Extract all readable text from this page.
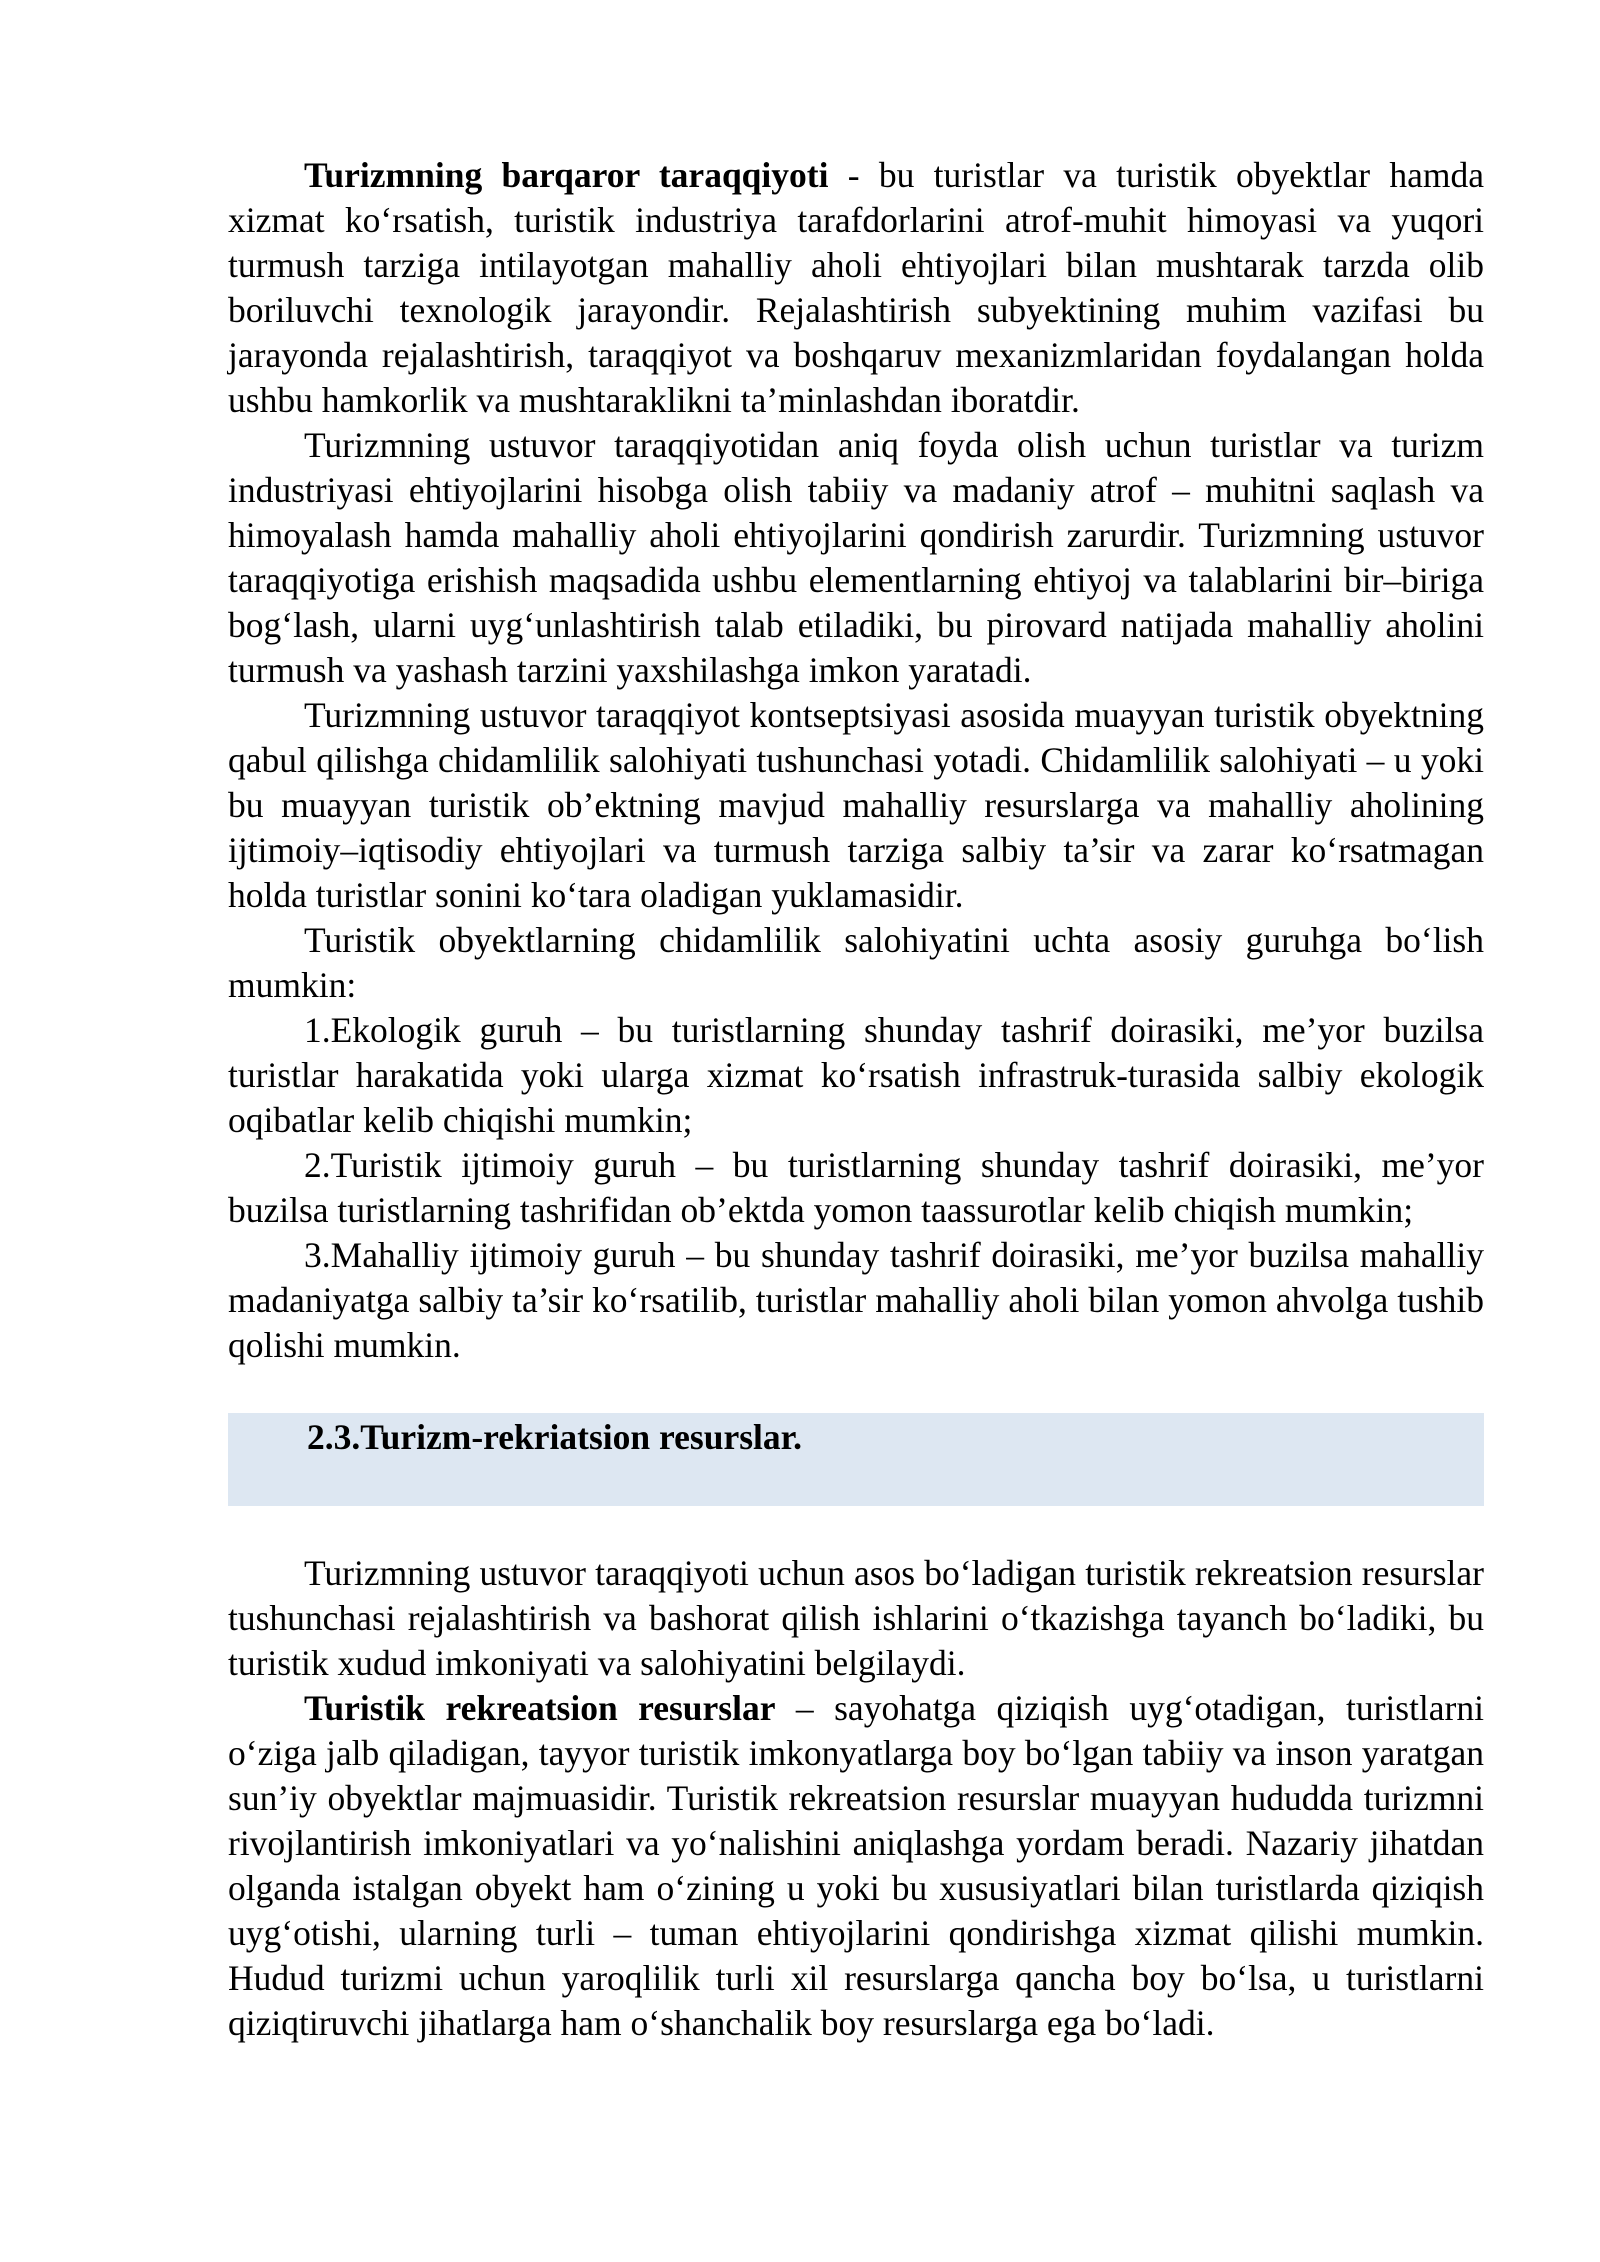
Turizmning barqaror taraqqiyoti - bu turistlar va turistik obyektlar hamda xizmat ko‘rsatish, turistik industriya tarafdorlarini atrof-muhit himoyasi va yuqori turmush tarziga intilayotgan mahalliy aholi ehtiyojlari bilan mushtarak tarzda olib boriluvchi texnologik jarayondir. Rejalashtirish subyektining muhim vazifasi bu jarayonda rejalashtirish, taraqqiyot va boshqaruv mexanizmlaridan foydalangan holda ushbu hamkorlik va mushtaraklikni ta’minlashdan iboratdir.

Turizmning ustuvor taraqqiyotidan aniq foyda olish uchun turistlar va turizm industriyasi ehtiyojlarini hisobga olish tabiiy va madaniy atrof – muhitni saqlash va himoyalash hamda mahalliy aholi ehtiyojlarini qondirish zarurdir. Turizmning ustuvor taraqqiyotiga erishish maqsadida ushbu elementlarning ehtiyoj va talablarini bir–biriga bog‘lash, ularni uyg‘unlashtirish talab etiladiki, bu pirovard natijada mahalliy aholini turmush va yashash tarzini yaxshilashga imkon yaratadi.

Turizmning ustuvor taraqqiyot kontseptsiyasi asosida muayyan turistik obyektning qabul qilishga chidamlilik salohiyati tushunchasi yotadi. Chidamlilik salohiyati – u yoki bu muayyan turistik ob’ektning mavjud mahalliy resurslarga va mahalliy aholining ijtimoiy–iqtisodiy ehtiyojlari va turmush tarziga salbiy ta’sir va zarar ko‘rsatmagan holda turistlar sonini ko‘tara oladigan yuklamasidir.

Turistik obyektlarning chidamlilik salohiyatini uchta asosiy guruhga bo‘lish mumkin:

1.Ekologik guruh – bu turistlarning shunday tashrif doirasiki, me’yor buzilsa turistlar harakatida yoki ularga xizmat ko‘rsatish infrastruk-turasida salbiy ekologik oqibatlar kelib chiqishi mumkin;

2.Turistik ijtimoiy guruh – bu turistlarning shunday tashrif doirasiki, me’yor buzilsa turistlarning tashrifidan ob’ektda yomon taassurotlar kelib chiqish mumkin;

3.Mahalliy ijtimoiy guruh – bu shunday tashrif doirasiki, me’yor buzilsa mahalliy madaniyatga salbiy ta’sir ko‘rsatilib, turistlar mahalliy aholi bilan yomon ahvolga tushib qolishi mumkin.

2.3.Turizm-rekriatsion resurslar.

Turizmning ustuvor taraqqiyoti uchun asos bo‘ladigan turistik rekreatsion resurslar tushunchasi rejalashtirish va bashorat qilish ishlarini o‘tkazishga tayanch bo‘ladiki, bu turistik xudud imkoniyati va salohiyatini belgilaydi.

Turistik rekreatsion resurslar – sayohatga qiziqish uyg‘otadigan, turistlarni o‘ziga jalb qiladigan, tayyor turistik imkonyatlarga boy bo‘lgan tabiiy va inson yaratgan sun’iy obyektlar majmuasidir. Turistik rekreatsion resurslar muayyan hududda turizmni rivojlantirish imkoniyatlari va yo‘nalishini aniqlashga yordam beradi. Nazariy jihatdan olganda istalgan obyekt ham o‘zining u yoki bu xususiyatlari bilan turistlarda qiziqish uyg‘otishi, ularning turli – tuman ehtiyojlarini qondirishga xizmat qilishi mumkin. Hudud turizmi uchun yaroqlilik turli xil resurslarga qancha boy bo‘lsa, u turistlarni qiziqtiruvchi jihatlarga ham o‘shanchalik boy resurslarga ega bo‘ladi.
